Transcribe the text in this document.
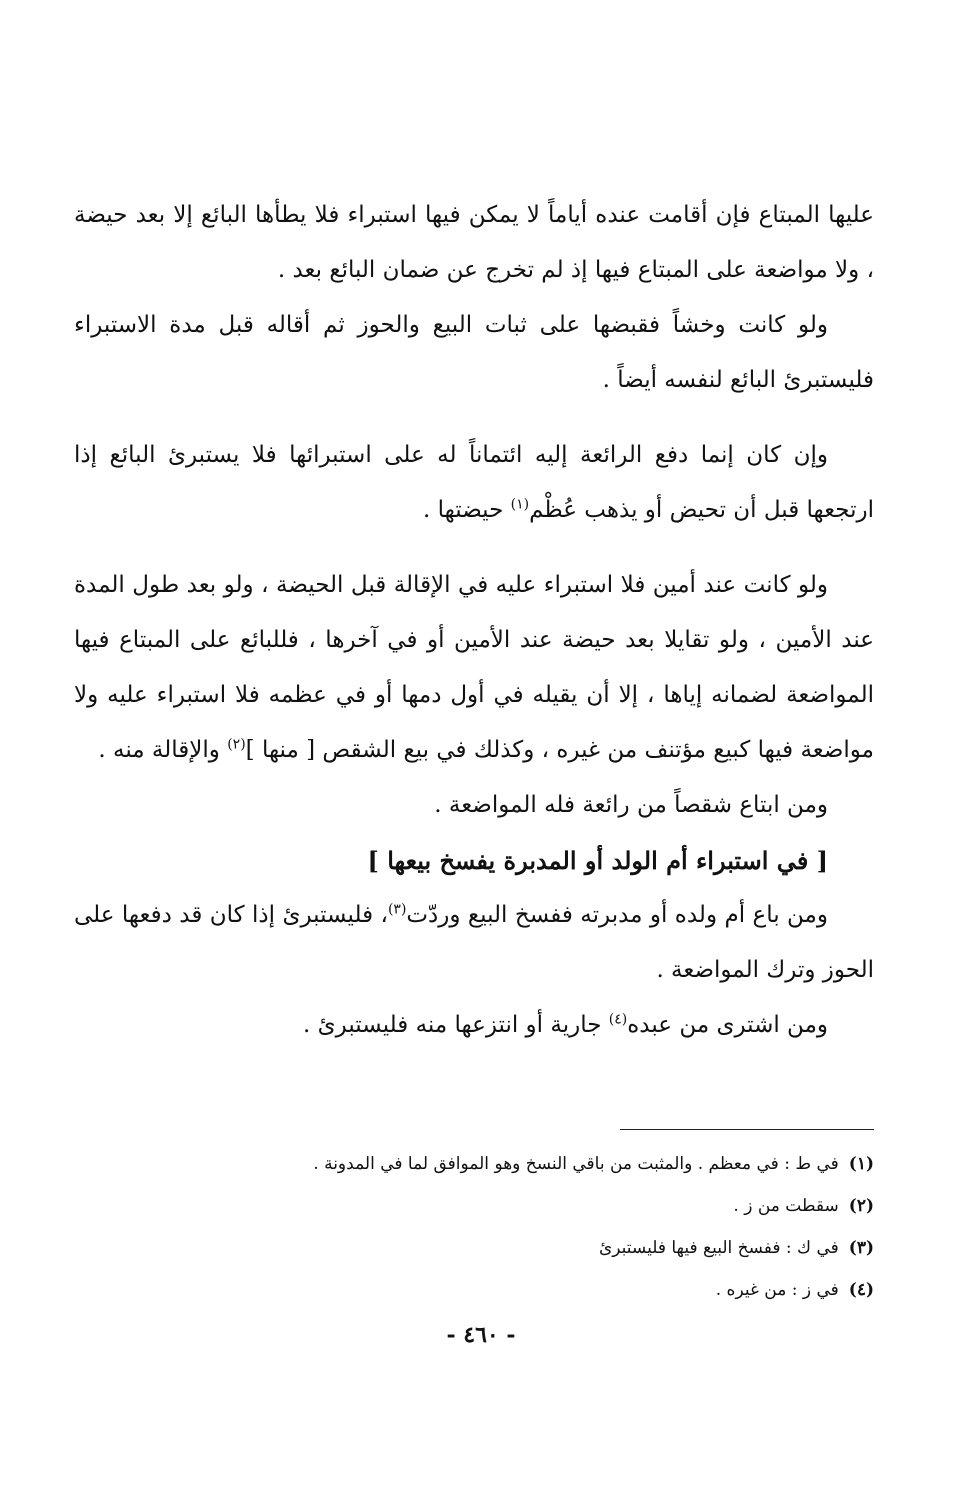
عليها المبتاع فإن أقامت عنده أياماً لا يمكن فيها استبراء فلا يطأها البائع إلا بعد حيضة ، ولا مواضعة على المبتاع فيها إذ لم تخرج عن ضمان البائع بعد .

ولو كانت وخشاً فقبضها على ثبات البيع والحوز ثم أقاله قبل مدة الاستبراء فليستبرئ البائع لنفسه أيضاً .

وإن كان إنما دفع الرائعة إليه ائتماناً له على استبرائها فلا يستبرئ البائع إذا ارتجعها قبل أن تحيض أو يذهب عُظْم$^{(١)}$ حيضتها .

ولو كانت عند أمين فلا استبراء عليه في الإقالة قبل الحيضة ، ولو بعد طول المدة عند الأمين ، ولو تقايلا بعد حيضة عند الأمين أو في آخرها ، فللبائع على المبتاع فيها المواضعة لضمانه إياها ، إلا أن يقيله في أول دمها أو في عظمه فلا استبراء عليه ولا مواضعة فيها كبيع مؤتنف من غيره ، وكذلك في بيع الشقص [ منها ]$^{(٢)}$ والإقالة منه .

ومن ابتاع شقصاً من رائعة فله المواضعة .

[ في استبراء أم الولد أو المدبرة يفسخ بيعها ]

ومن باع أم ولده أو مدبرته ففسخ البيع وردّت$^{(٣)}$، فليستبرئ إذا كان قد دفعها على الحوز وترك المواضعة .

ومن اشترى من عبده$^{(٤)}$ جارية أو انتزعها منه فليستبرئ .

(١)في ط : في معظم . والمثبت من باقي النسخ وهو الموافق لما في المدونة .

(٢)سقطت من ز .

(٣)في ك : ففسخ البيع فيها فليستبرئ

(٤)في ز : من غيره .

- ٤٦٠ -
